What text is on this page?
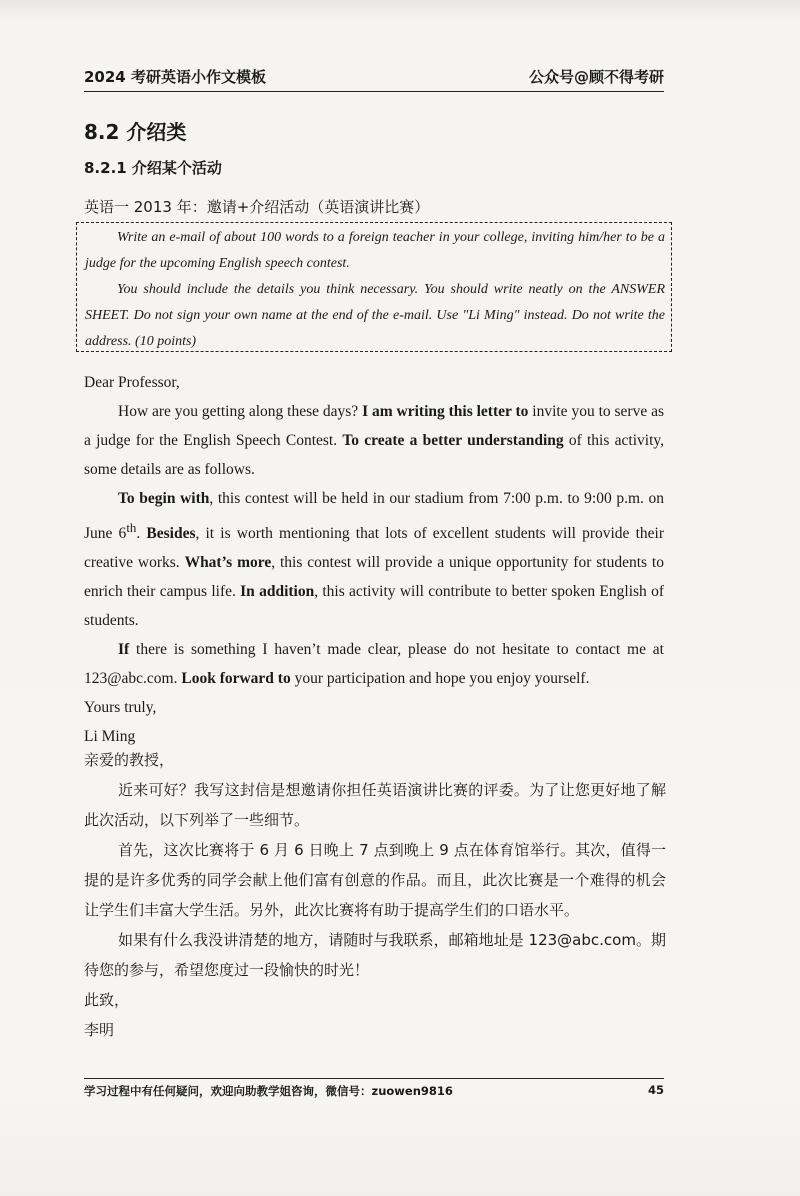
2024 考研英语小作文模板	公众号@顾不得考研
8.2 介绍类
8.2.1 介绍某个活动
英语一 2013 年：邀请+介绍活动（英语演讲比赛）

Write an e-mail of about 100 words to a foreign teacher in your college, inviting him/her to be a judge for the upcoming English speech contest.

You should include the details you think necessary. You should write neatly on the ANSWER SHEET. Do not sign your own name at the end of the e-mail. Use "Li Ming" instead. Do not write the address. (10 points)

Dear Professor,

How are you getting along these days? I am writing this letter to invite you to serve as a judge for the English Speech Contest. To create a better understanding of this activity, some details are as follows.

To begin with, this contest will be held in our stadium from 7:00 p.m. to 9:00 p.m. on June 6th. Besides, it is worth mentioning that lots of excellent students will provide their creative works. What’s more, this contest will provide a unique opportunity for students to enrich their campus life. In addition, this activity will contribute to better spoken English of students.

If there is something I haven’t made clear, please do not hesitate to contact me at 123@abc.com. Look forward to your participation and hope you enjoy yourself.

Yours truly,

Li Ming

亲爱的教授，

近来可好？我写这封信是想邀请你担任英语演讲比赛的评委。为了让您更好地了解此次活动，以下列举了一些细节。

首先，这次比赛将于 6 月 6 日晚上 7 点到晚上 9 点在体育馆举行。其次，值得一提的是许多优秀的同学会献上他们富有创意的作品。而且，此次比赛是一个难得的机会让学生们丰富大学生活。另外，此次比赛将有助于提高学生们的口语水平。

如果有什么我没讲清楚的地方，请随时与我联系，邮箱地址是 123@abc.com。期待您的参与，希望您度过一段愉快的时光！

此致，

李明

学习过程中有任何疑问，欢迎向助教学姐咨询，微信号：zuowen9816	45
